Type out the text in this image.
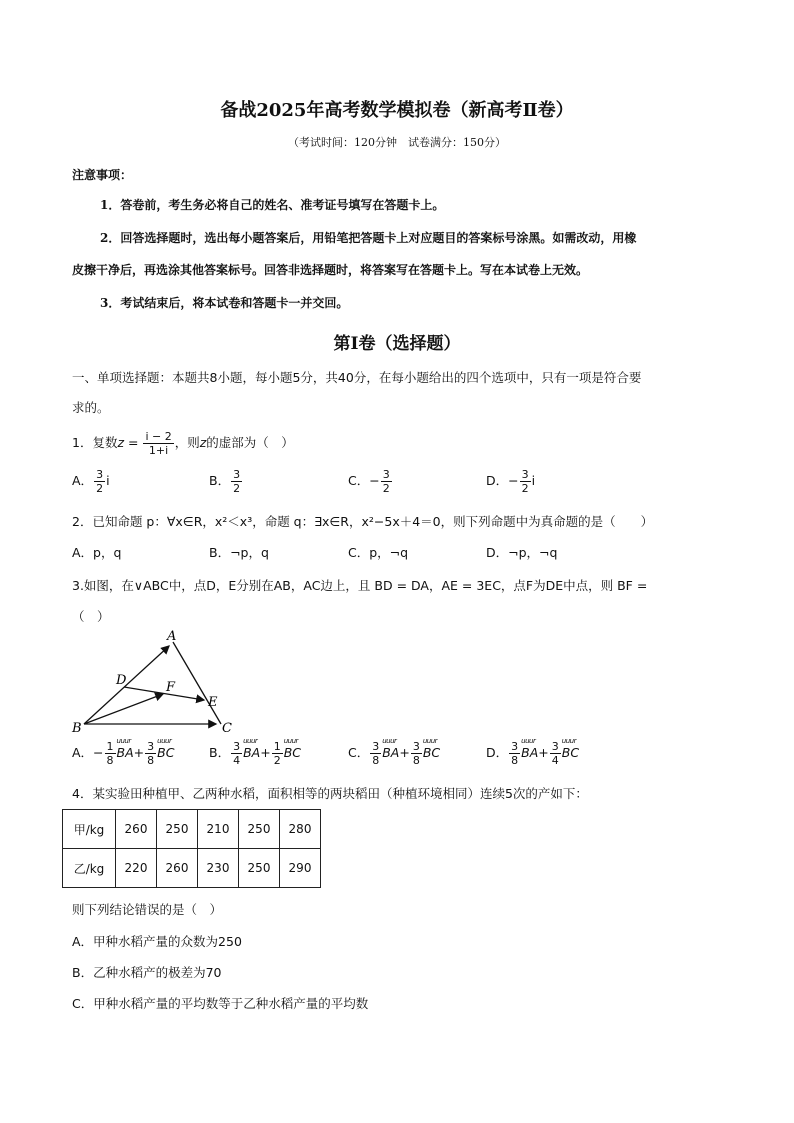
备战2025年高考数学模拟卷（新高考Ⅱ卷）
（考试时间：120分钟　试卷满分：150分）
注意事项：
1．答卷前，考生务必将自己的姓名、准考证号填写在答题卡上。
2．回答选择题时，选出每小题答案后，用铅笔把答题卡上对应题目的答案标号涂黑。如需改动，用橡
皮擦干净后，再选涂其他答案标号。回答非选择题时，将答案写在答题卡上。写在本试卷上无效。
3．考试结束后，将本试卷和答题卡一并交回。
第Ⅰ卷（选择题）
一、单项选择题：本题共8小题，每小题5分，共40分，在每小题给出的四个选项中，只有一项是符合要
求的。
1．复数$z = \frac{i - 2}{1+i}$ ，则z的虚部为（　）
A． $\frac{3}{2}$ i	B． $\frac{3}{2}$	C．− $\frac{3}{2}$	D．− $\frac{3}{2}$ i
2．已知命题 p：∀x∈R，x²＜x³，命题 q：∃x∈R，x²−5x＋4＝0，则下列命题中为真命题的是（　　）
A．p，q	B．¬p，q	C．p，¬q	D．¬p，¬q
3.如图，在∨ABC中，点D，E分别在AB，AC边上，且 BD = DA，AE = 3EC，点F为DE中点，则 BF =
（　）
A
B	C
D
E
F
A．− $\frac{1}{8}$ uuur $BA+ \frac{3}{8}$ uuur BC	B． $\frac{3}{4}$ uuur $BA+ \frac{1}{2}$ uuur BC	C． $\frac{3}{8}$ uuur $BA+ \frac{3}{8}$ uuur BC	D． $\frac{3}{8}$ uuur $BA+ \frac{3}{4}$ uuur BC
4．某实验田种植甲、乙两种水稻，面积相等的两块稻田（种植环境相同）连续5次的产如下：
甲/kg	260	250	210	250	280
乙/kg	220	260	230	250	290
则下列结论错误的是（　）
A．甲种水稻产量的众数为250
B．乙种水稻产的极差为70
C．甲种水稻产量的平均数等于乙种水稻产量的平均数
